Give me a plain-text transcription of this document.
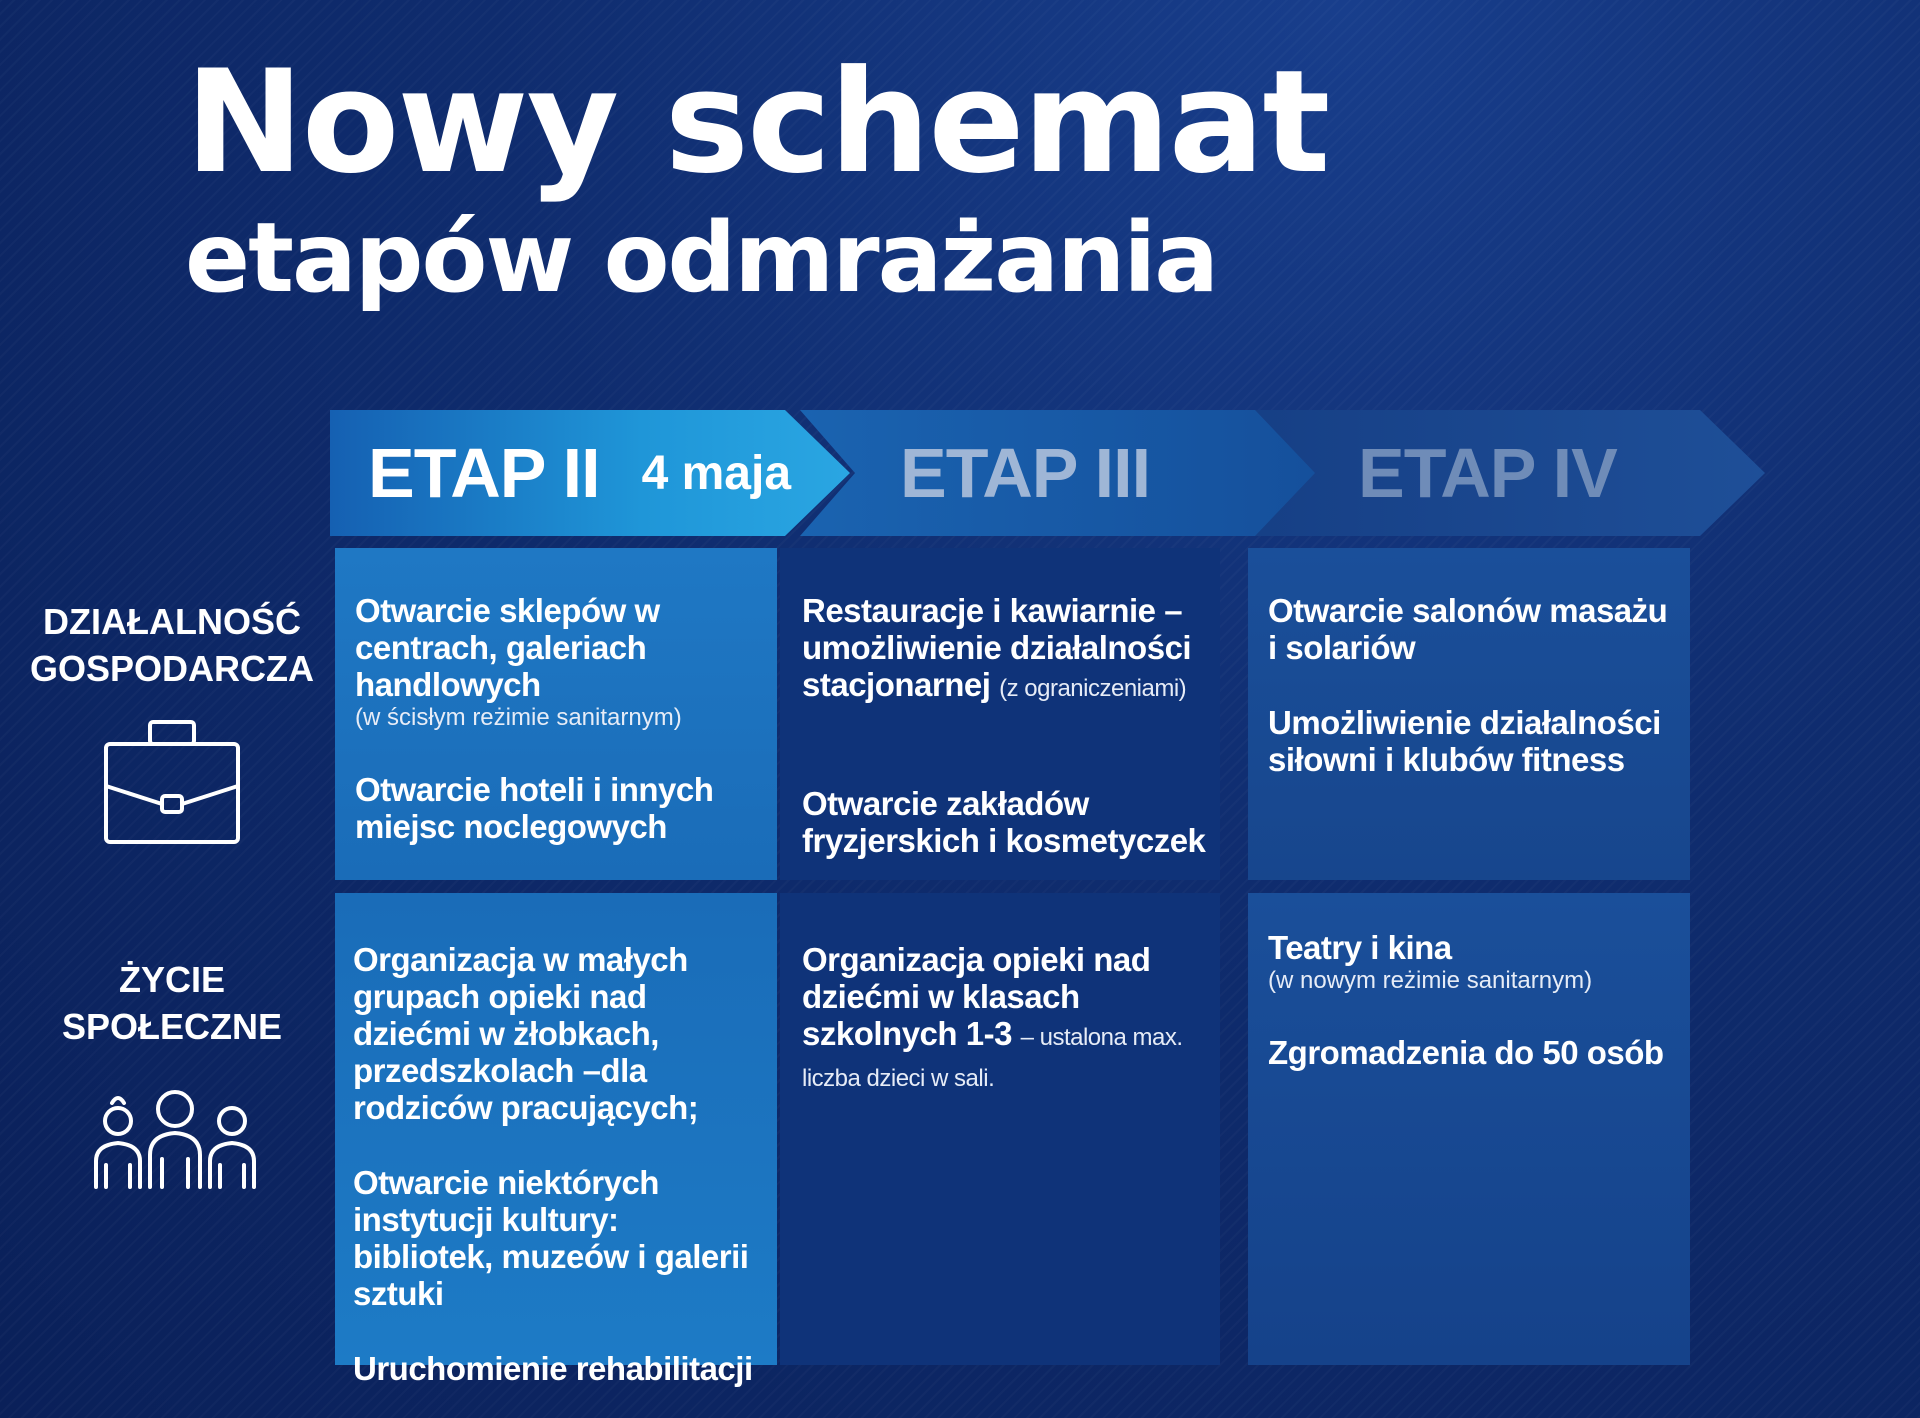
Nowy schemat
etapów odmrażania
ETAP IV
ETAP III
ETAP II 4 maja
DZIAŁALNOŚĆ
GOSPODARCZA
ŻYCIE
SPOŁECZNE
Otwarcie sklepów w centrach, galeriach handlowych
(w ścisłym reżimie sanitarnym)
Otwarcie hoteli i innych miejsc noclegowych
Restauracje i kawiarnie – umożliwienie działalności stacjonarnej (z ograniczeniami)
Otwarcie zakładów fryzjerskich i kosmetyczek
Otwarcie salonów masażu i solariów
Umożliwienie działalności siłowni i klubów fitness
Organizacja w małych grupach opieki nad dziećmi w żłobkach, przedszkolach –dla rodziców pracujących;
Otwarcie niektórych instytucji kultury: bibliotek, muzeów i galerii sztuki
Uruchomienie rehabilitacji
Organizacja opieki nad dziećmi w klasach szkolnych 1-3 – ustalona max. liczba dzieci w sali.
Teatry i kina
(w nowym reżimie sanitarnym)
Zgromadzenia do 50 osób
